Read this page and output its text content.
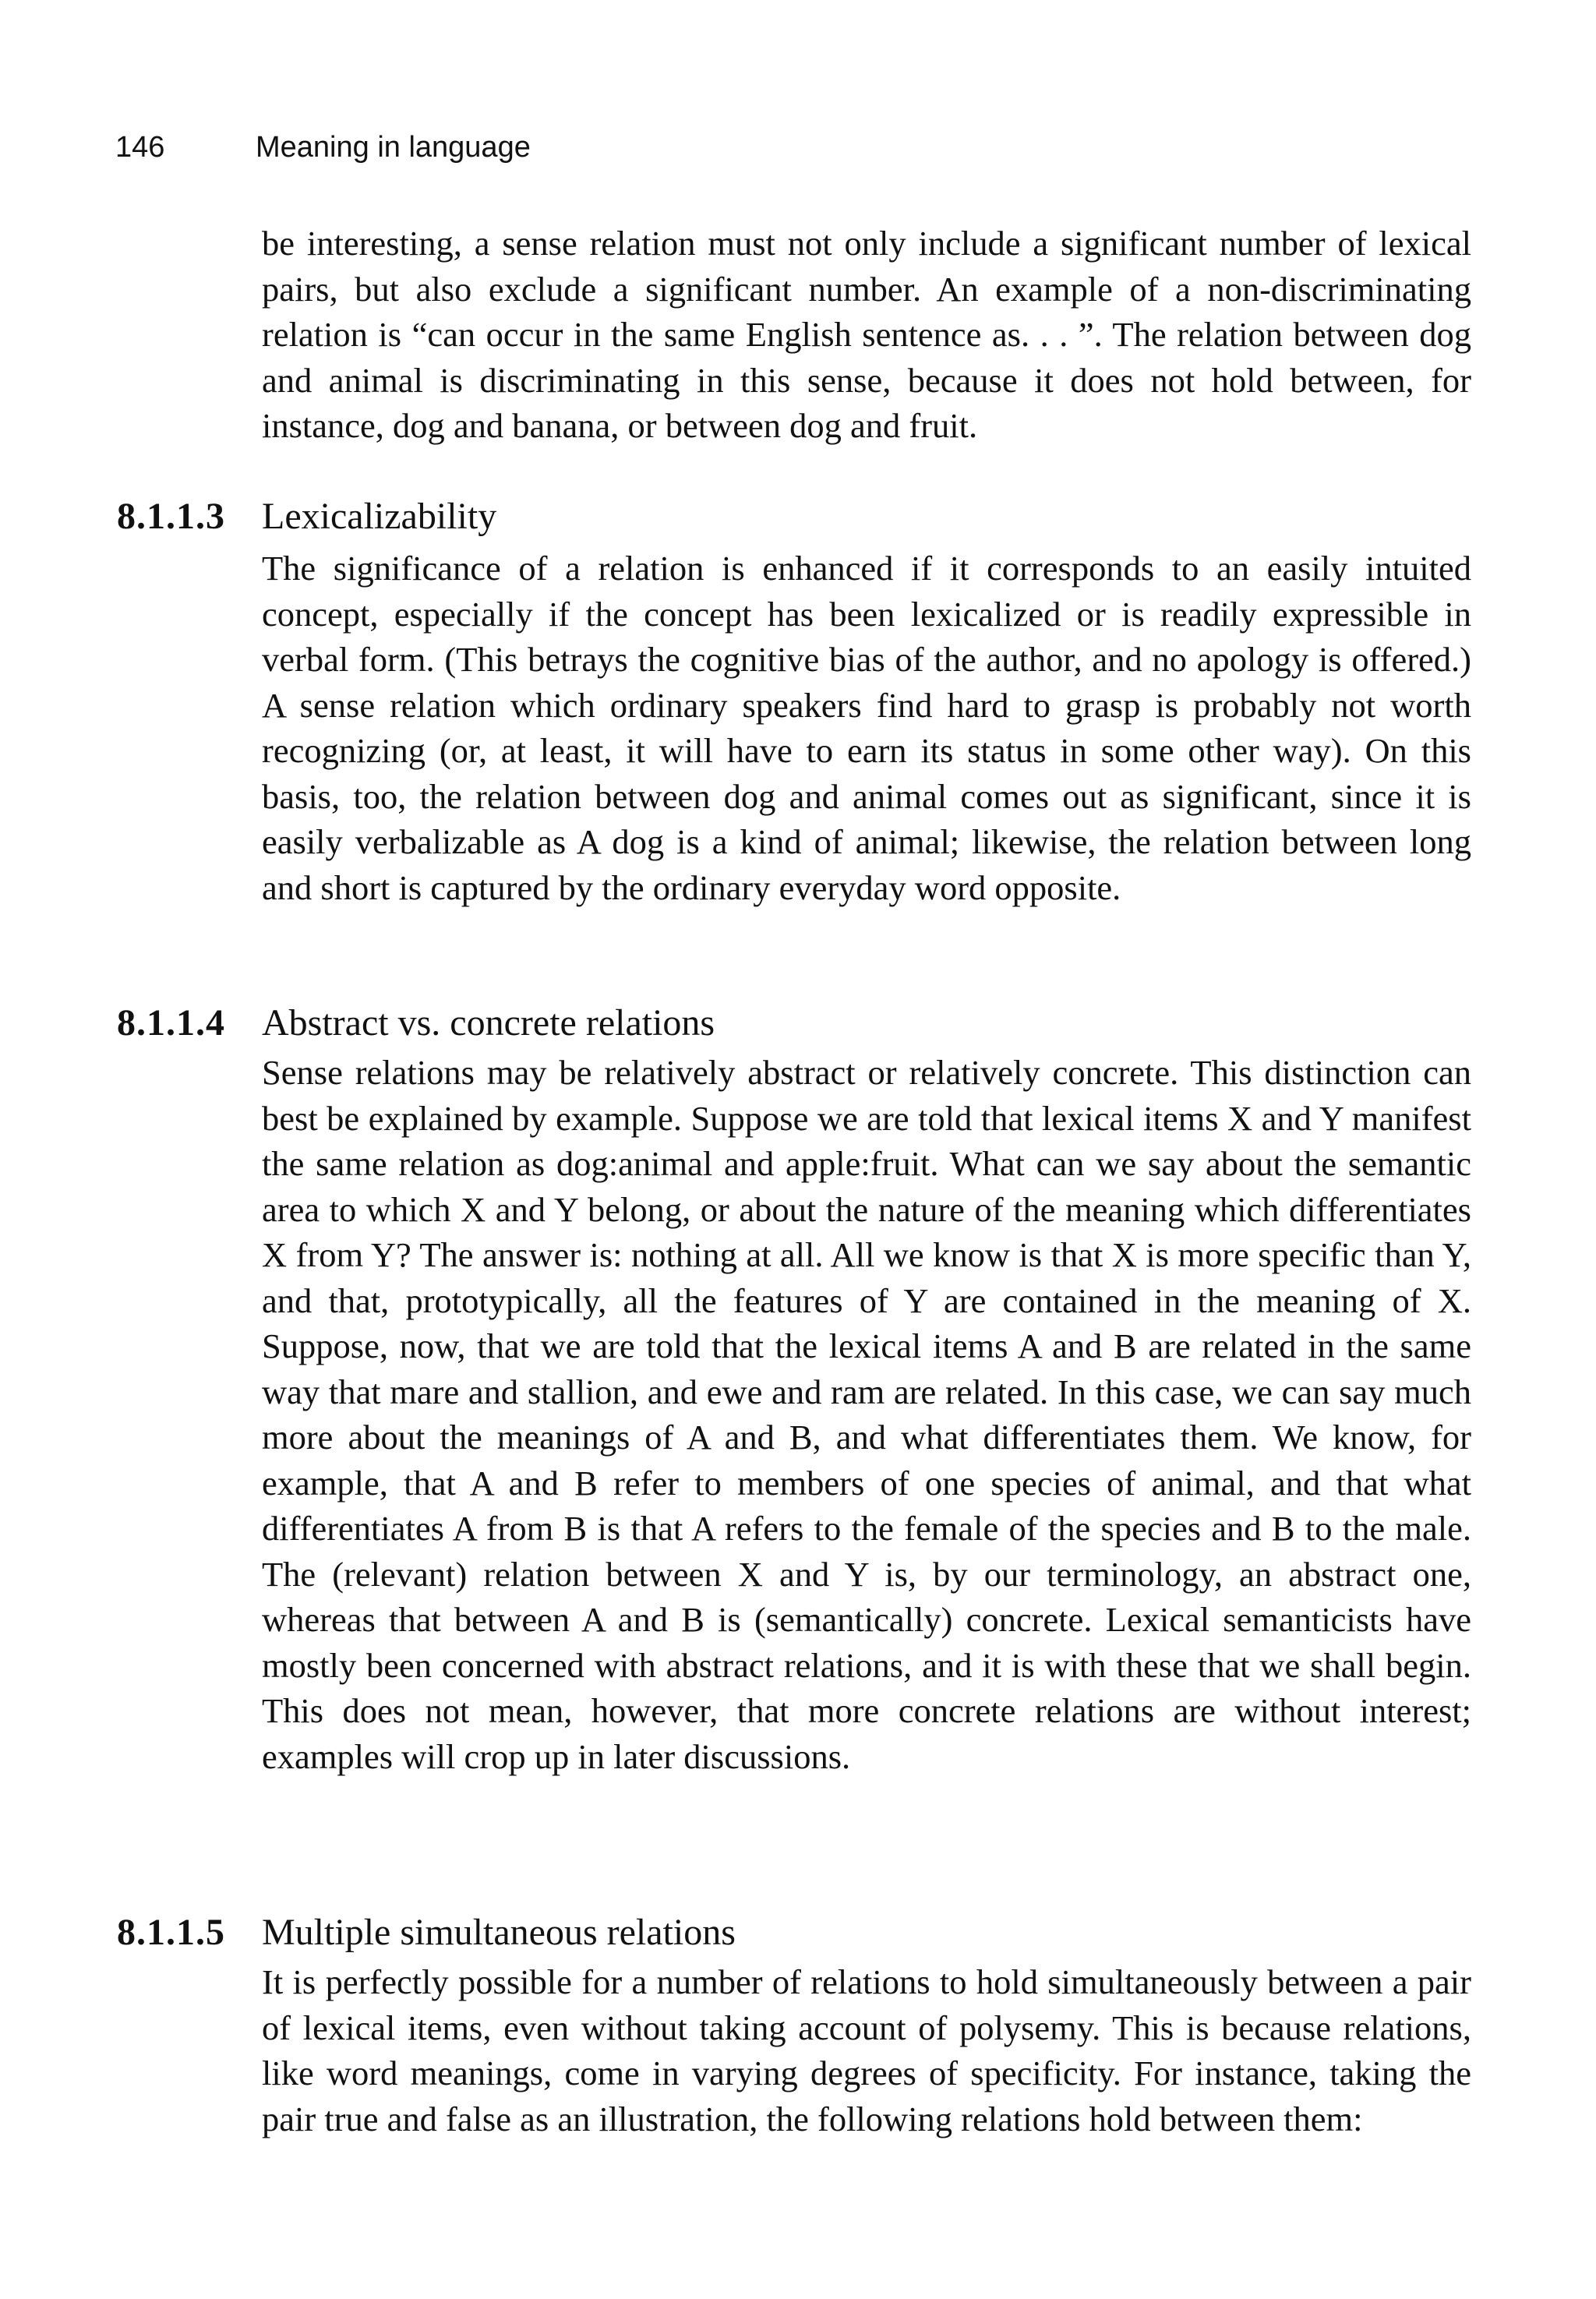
146	Meaning in language

be interesting, a sense relation must not only include a significant number of lexical pairs, but also exclude a significant number. An example of a non-discriminating relation is “can occur in the same English sentence as. . . ”. The relation between dog and animal is discriminating in this sense, because it does not hold between, for instance, dog and banana, or between dog and fruit.

8.1.1.3 Lexicalizability

The significance of a relation is enhanced if it corresponds to an easily intuited concept, especially if the concept has been lexicalized or is readily expressible in verbal form. (This betrays the cognitive bias of the author, and no apology is offered.) A sense relation which ordinary speakers find hard to grasp is probably not worth recognizing (or, at least, it will have to earn its status in some other way). On this basis, too, the relation between dog and animal comes out as significant, since it is easily verbalizable as A dog is a kind of animal; likewise, the relation between long and short is captured by the ordinary everyday word opposite.

8.1.1.4 Abstract vs. concrete relations

Sense relations may be relatively abstract or relatively concrete. This distinction can best be explained by example. Suppose we are told that lexical items X and Y manifest the same relation as dog:animal and apple:fruit. What can we say about the semantic area to which X and Y belong, or about the nature of the meaning which differentiates X from Y? The answer is: nothing at all. All we know is that X is more specific than Y, and that, prototypically, all the features of Y are contained in the meaning of X. Suppose, now, that we are told that the lexical items A and B are related in the same way that mare and stallion, and ewe and ram are related. In this case, we can say much more about the meanings of A and B, and what differentiates them. We know, for example, that A and B refer to members of one species of animal, and that what differentiates A from B is that A refers to the female of the species and B to the male. The (relevant) relation between X and Y is, by our terminology, an abstract one, whereas that between A and B is (semantically) concrete. Lexical semanticists have mostly been concerned with abstract relations, and it is with these that we shall begin. This does not mean, however, that more concrete relations are without interest; examples will crop up in later discussions.

8.1.1.5 Multiple simultaneous relations

It is perfectly possible for a number of relations to hold simultaneously between a pair of lexical items, even without taking account of polysemy. This is because relations, like word meanings, come in varying degrees of specificity. For instance, taking the pair true and false as an illustration, the following relations hold between them:
